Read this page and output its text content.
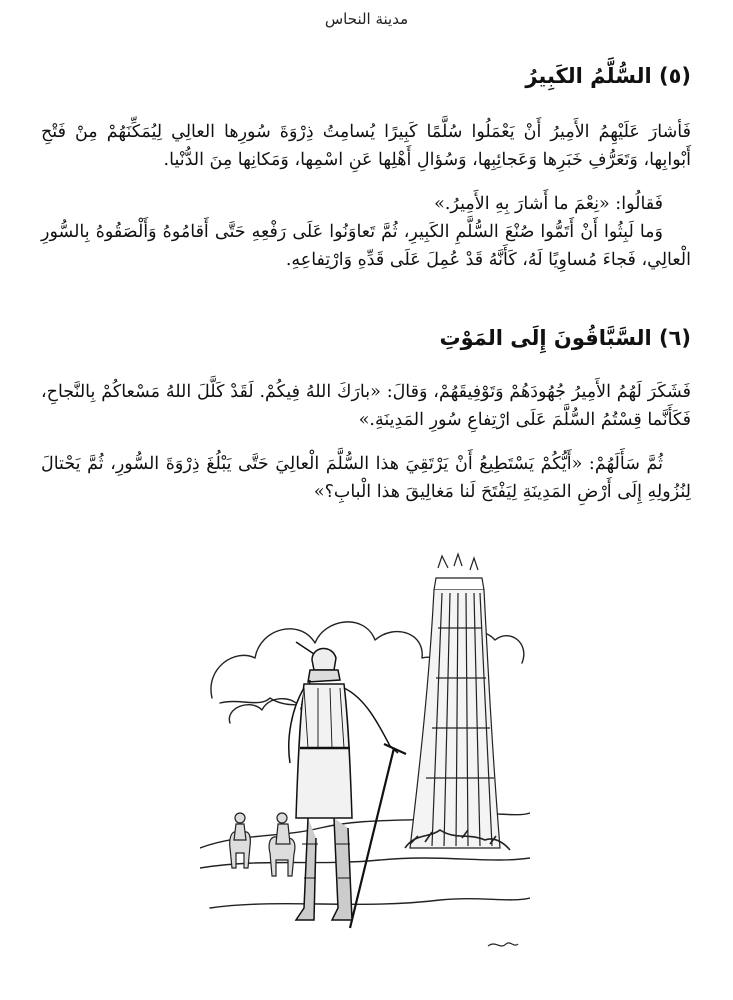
مدينة النحاس
(٥) السُّلَّمُ الكَبِيرُ

فَأشارَ عَلَيْهِمُ الأَمِيرُ أَنْ يَعْمَلُوا سُلَّمًا كَبِيرًا يُسامِتُ ذِرْوَةَ سُورِها العالِي لِيُمَكِّنَهُمْ مِنْ فَتْحِ أَبْوابِها، وَتَعَرُّفِ خَبَرِها وَعَجائِبِها، وَسُؤالِ أَهْلِها عَنِ اسْمِها، وَمَكانِها مِنَ الدُّنْيا.

فَقالُوا: «نِعْمَ ما أَشارَ بِهِ الأَمِيرُ.»

وَما لَبِثُوا أَنْ أَتَمُّوا صُنْعَ السُّلَّمِ الكَبِيرِ، ثُمَّ تَعاوَنُوا عَلَى رَفْعِهِ حَتَّى أَقامُوهُ وَأَلْصَقُوهُ بِالسُّورِ الْعالِي، فَجاءَ مُساوِيًا لَهُ، كَأَنَّهُ قَدْ عُمِلَ عَلَى قَدِّهِ وَارْتِفاعِهِ.

(٦) السَّبَّاقُونَ إِلَى المَوْتِ

فَشَكَرَ لَهُمُ الأَمِيرُ جُهُودَهُمْ وَتَوْفِيقَهُمْ، وَقالَ: «بارَكَ اللهُ فِيكُمْ. لَقَدْ كَلَّلَ اللهُ مَسْعاكُمْ بِالنَّجاحِ، فَكَأَنَّما قِسْتُمُ السُّلَّمَ عَلَى ارْتِفاعِ سُورِ المَدِينَةِ.»

ثُمَّ سَأَلَهُمْ: «أَيُّكُمْ يَسْتَطِيعُ أَنْ يَرْتَقِيَ هذا السُّلَّمَ الْعالِيَ حَتَّى يَبْلُغَ ذِرْوَةَ السُّورِ، ثُمَّ يَحْتالَ لِنُزُولِهِ إِلَى أَرْضِ المَدِينَةِ لِيَفْتَحَ لَنا مَغالِيقَ هذا الْبابِ؟»
